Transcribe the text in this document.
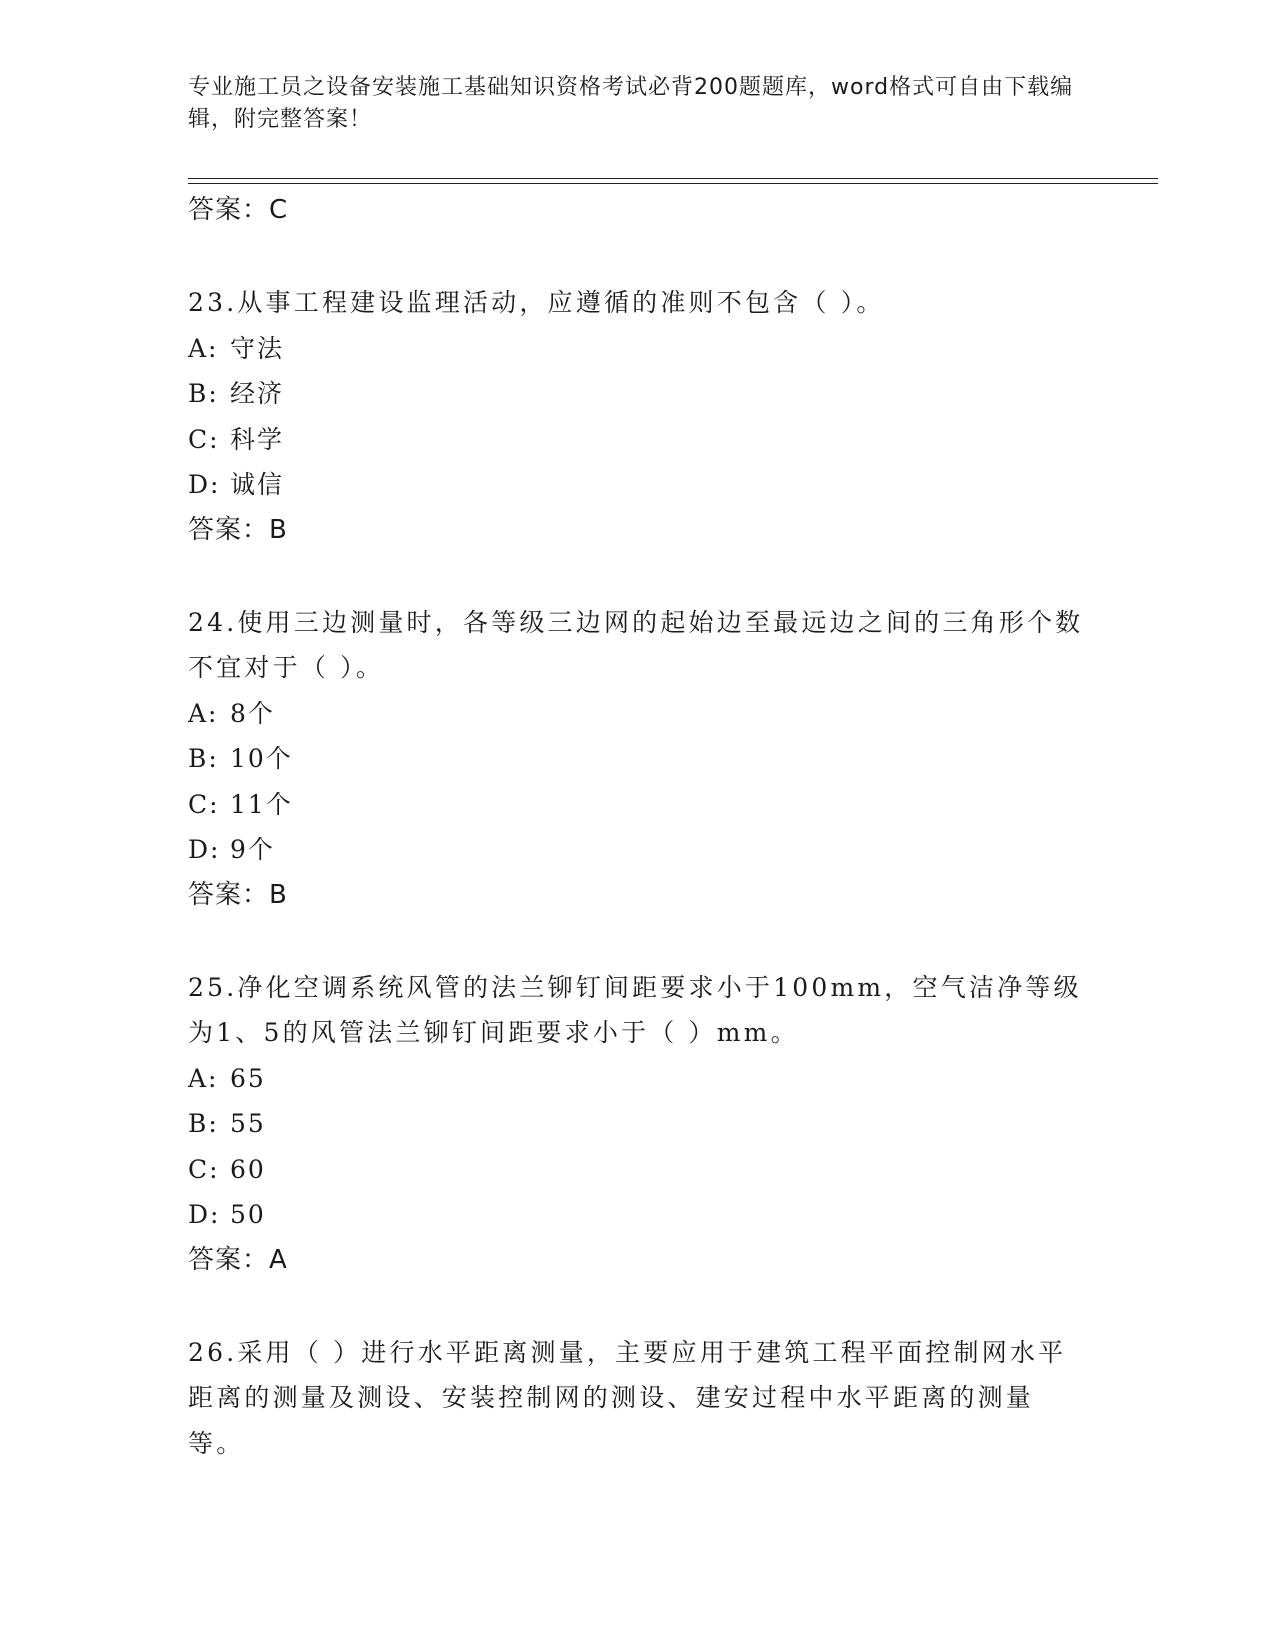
专业施工员之设备安装施工基础知识资格考试必背200题题库，word格式可自由下载编辑，附完整答案！
答案：C
23.从事工程建设监理活动，应遵循的准则不包含（ ）。
A: 守法
B: 经济
C: 科学
D: 诚信
答案：B
24.使用三边测量时，各等级三边网的起始边至最远边之间的三角形个数不宜对于（ ）。
A: 8个
B: 10个
C: 11个
D: 9个
答案：B
25.净化空调系统风管的法兰铆钉间距要求小于100mm，空气洁净等级为1、5的风管法兰铆钉间距要求小于（ ）mm。
A: 65
B: 55
C: 60
D: 50
答案：A
26.采用（ ）进行水平距离测量，主要应用于建筑工程平面控制网水平距离的测量及测设、安装控制网的测设、建安过程中水平距离的测量等。
